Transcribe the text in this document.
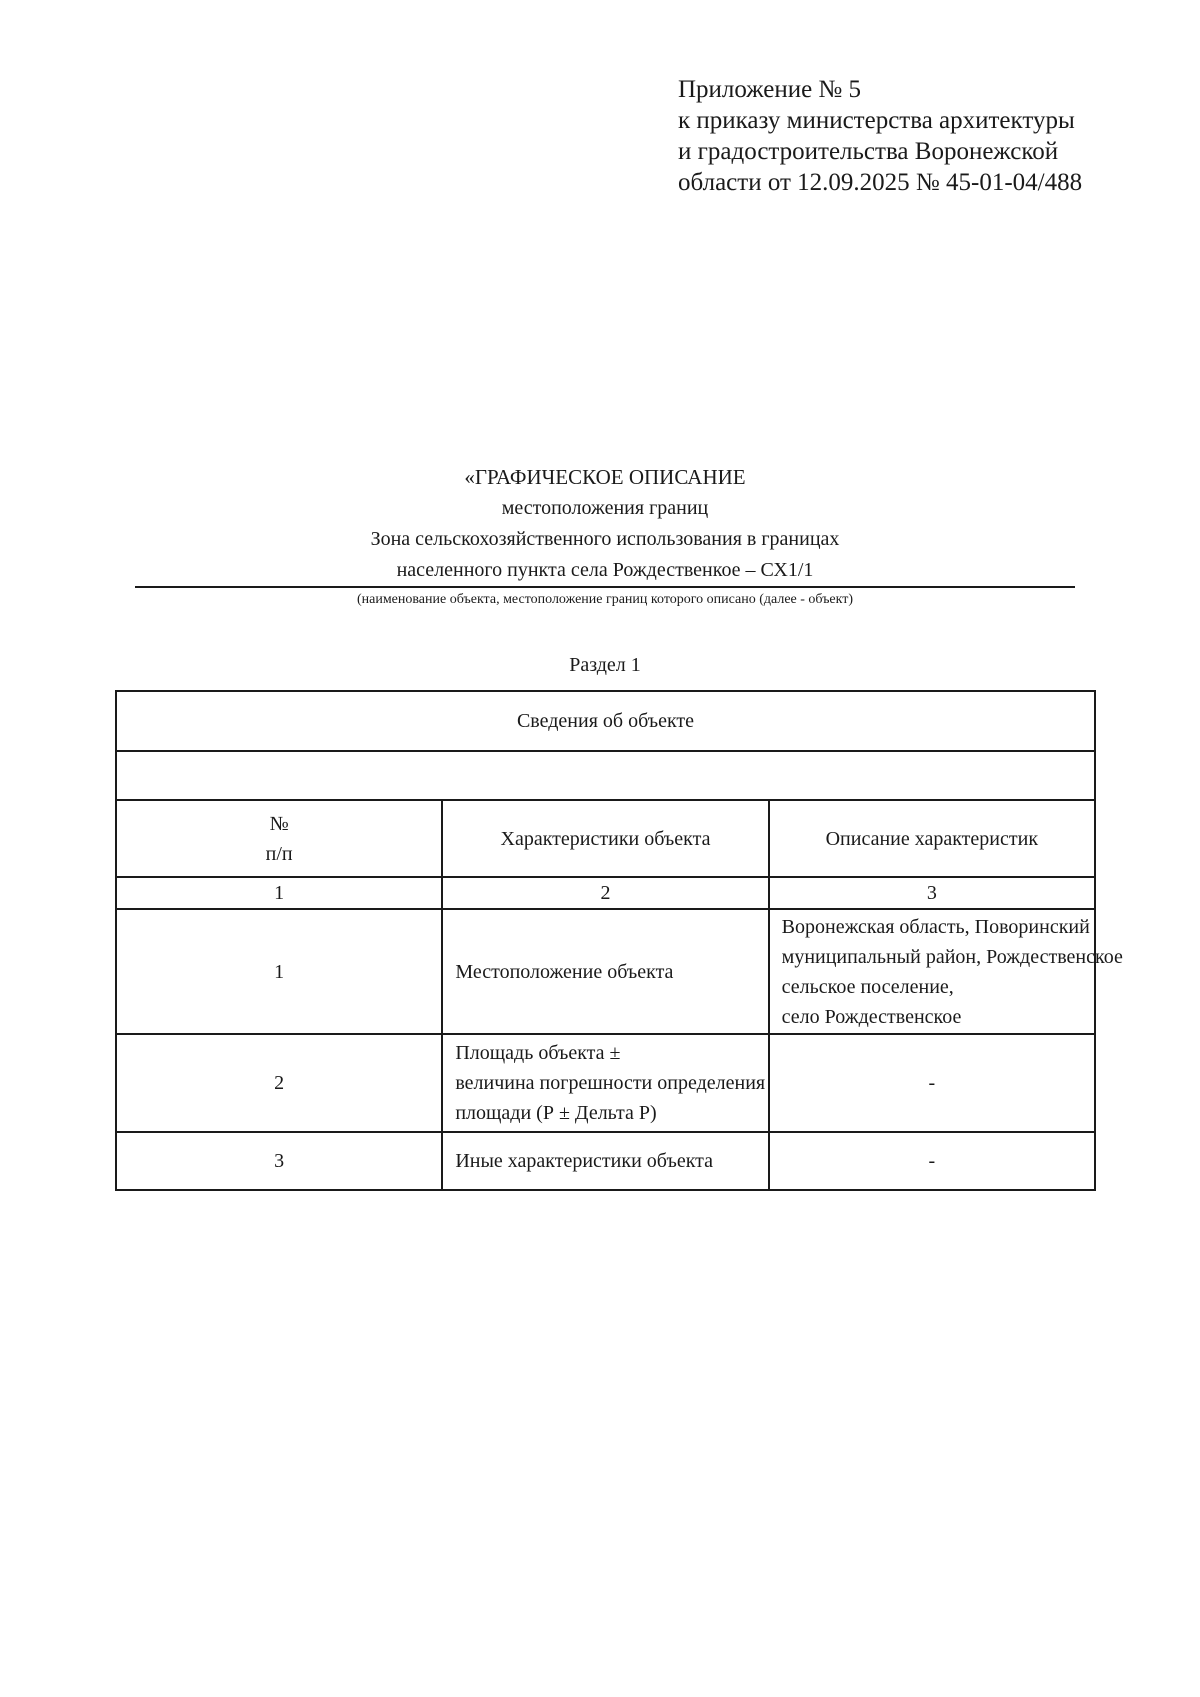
Приложение № 5
к приказу министерства архитектуры
и градостроительства Воронежской
области от 12.09.2025 № 45-01-04/488
«ГРАФИЧЕСКОЕ ОПИСАНИЕ
местоположения границ
Зона сельскохозяйственного использования в границах
населенного пункта села Рождественкое – СХ1/1
(наименование объекта, местоположение границ которого описано (далее - объект)
Раздел 1
Сведения об объекте		

№
п/п	Характеристики объекта	Описание характеристик
1	2	3
1	Местоположение объекта	Воронежская область, Поворинский
муниципальный район, Рождественское
сельское поселение,
село Рождественское

2	Площадь объекта ±
величина погрешности определения
площади (Р ± Дельта Р)	-

3	Иные характеристики объекта	-
